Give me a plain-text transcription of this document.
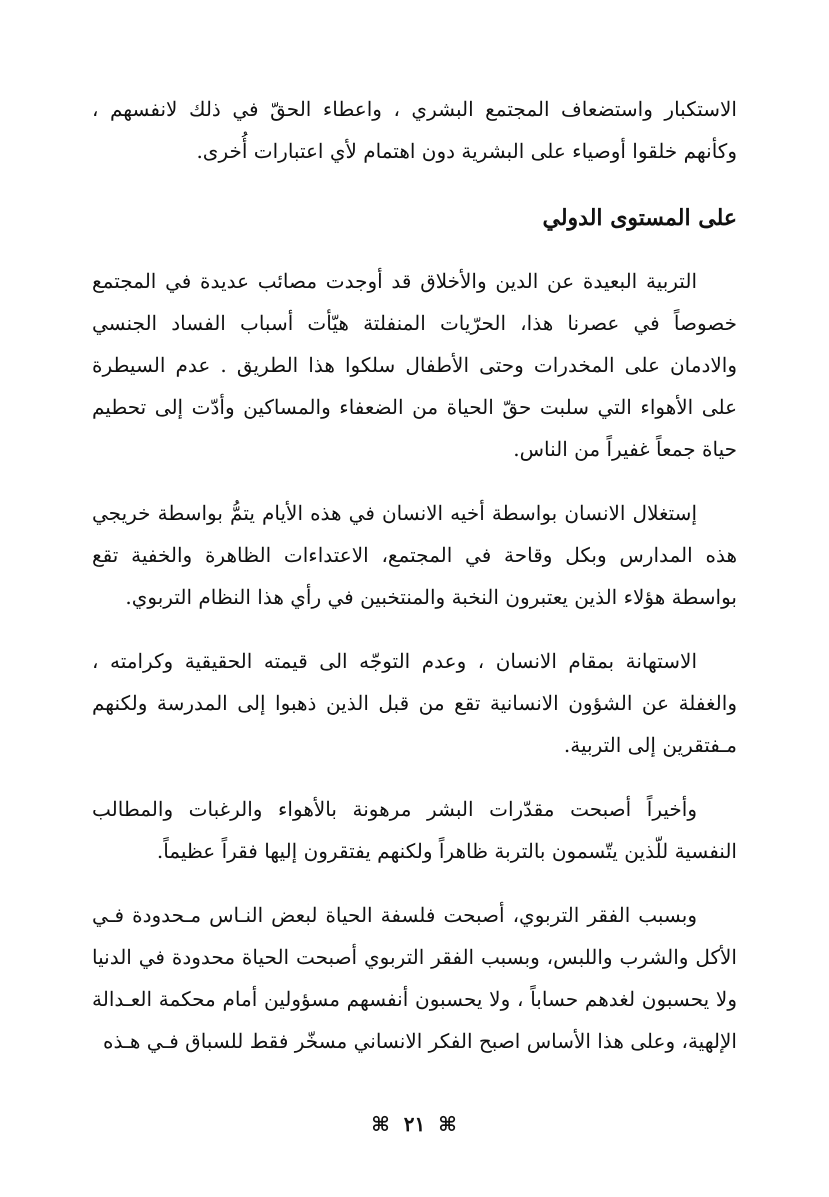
الاستكبار واستضعاف المجتمع البشري ، واعطاء الحقّ في ذلك لانفسهم ، وكأنهم خلقوا أوصياء على البشرية دون اهتمام لأي اعتبارات أُخرى.

على المستوى الدولي

التربية البعيدة عن الدين والأخلاق قد أوجدت مصائب عديدة في المجتمع خصوصاً في عصرنا هذا، الحرّيات المنفلتة هيّأت أسباب الفساد الجنسي والادمان على المخدرات وحتى الأطفال سلكوا هذا الطريق . عدم السيطرة على الأهواء التي سلبت حقّ الحياة من الضعفاء والمساكين وأدّت إلى تحطيم حياة جمعاً غفيراً من الناس.

إستغلال الانسان بواسطة أخيه الانسان في هذه الأيام يتمُّ بواسطة خريجي هذه المدارس وبكل وقاحة في المجتمع، الاعتداءات الظاهرة والخفية تقع بواسطة هؤلاء الذين يعتبرون النخبة والمنتخبين في رأي هذا النظام التربوي.

الاستهانة بمقام الانسان ، وعدم التوجّه الى قيمته الحقيقية وكرامته ، والغفلة عن الشؤون الانسانية تقع من قبل الذين ذهبوا إلى المدرسة ولكنهم مـفتقرين إلى التربية.

وأخيراً أصبحت مقدّرات البشر مرهونة بالأهواء والرغبات والمطالب النفسية للّذين يتّسمون بالتربة ظاهراً ولكنهم يفتقرون إليها فقراً عظيماً.

وبسبب الفقر التربوي، أصبحت فلسفة الحياة لبعض النـاس مـحدودة فـي الأكل والشرب واللبس، وبسبب الفقر التربوي أصبحت الحياة محدودة في الدنيا ولا يحسبون لغدهم حساباً ، ولا يحسبون أنفسهم مسؤولين أمام محكمة العـدالة الإلهية، وعلى هذا الأساس اصبح الفكر الانساني مسخّر فقط للسباق فـي هـذه

⌘ ٢١ ⌘
